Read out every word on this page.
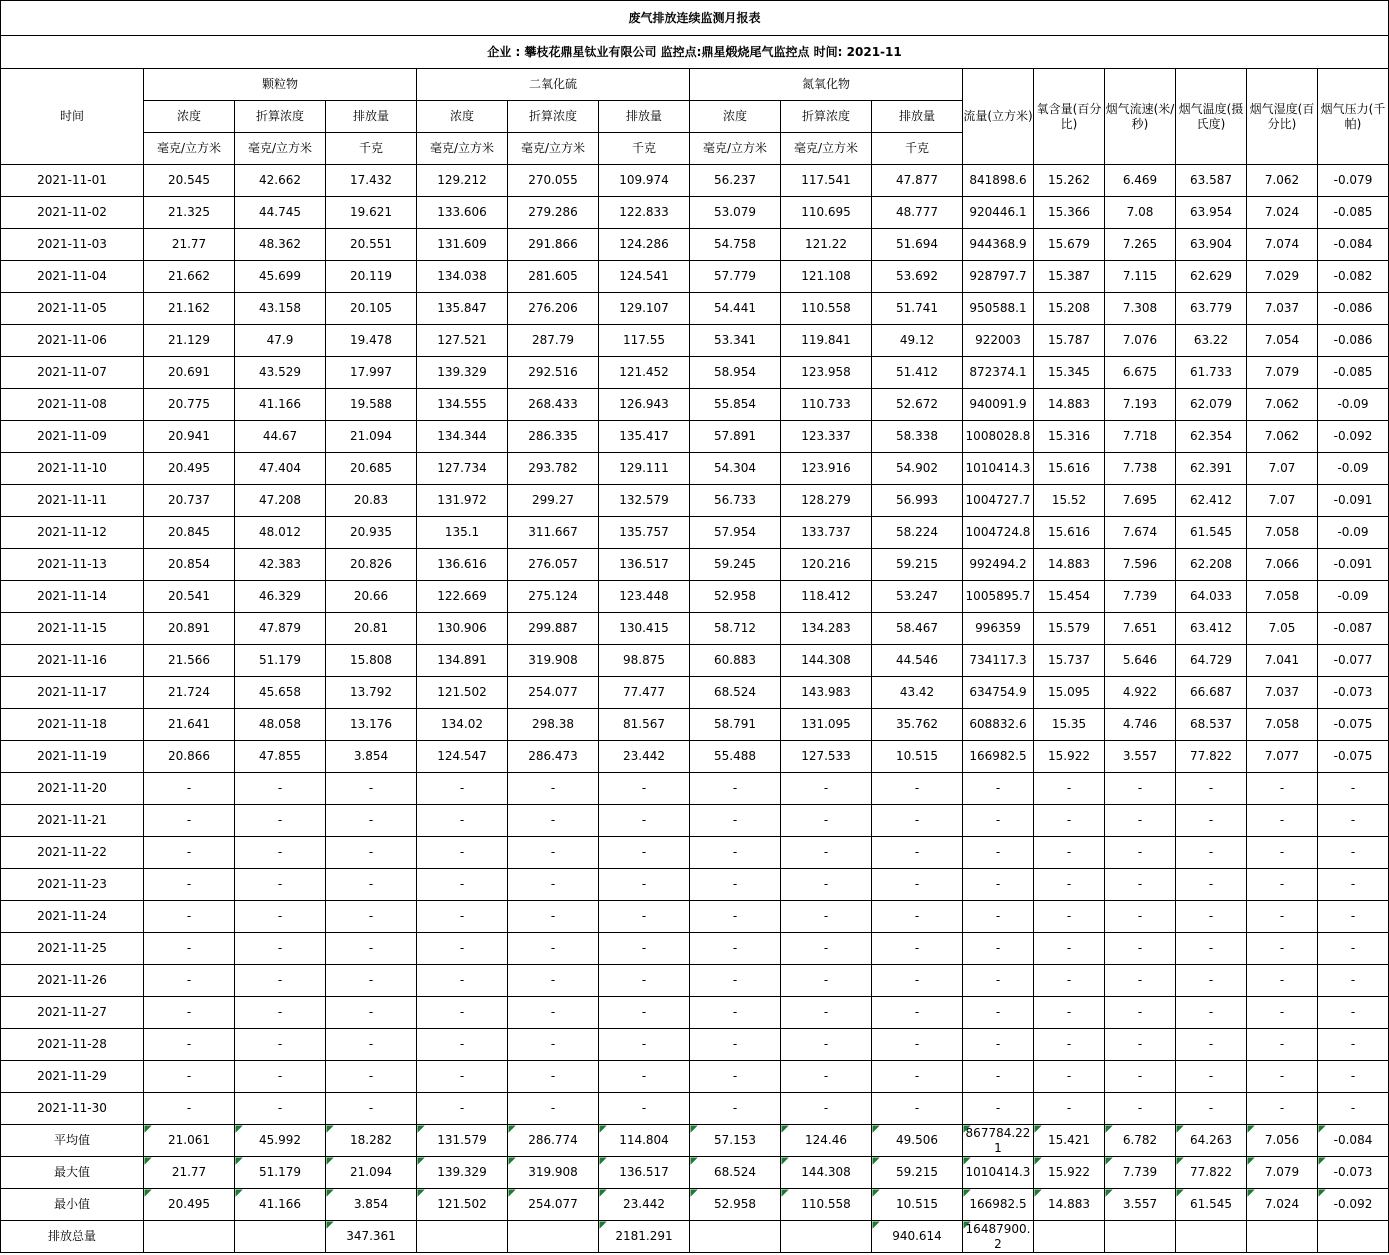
废气排放连续监测月报表															
企业 : 攀枝花鼎星钛业有限公司 监控点:鼎星煅烧尾气监控点 时间: 2021-11															
时间	颗粒物			二氧化硫			氮氧化物			流量(立方米)	氧含量(百分比)	烟气流速(米/秒)	烟气温度(摄氏度)	烟气湿度(百分比)	烟气压力(千帕)
	浓度	折算浓度	排放量	浓度	折算浓度	排放量	浓度	折算浓度	排放量						
	毫克/立方米	毫克/立方米	千克	毫克/立方米	毫克/立方米	千克	毫克/立方米	毫克/立方米	千克						
2021-11-01	20.545	42.662	17.432	129.212	270.055	109.974	56.237	117.541	47.877	841898.6	15.262	6.469	63.587	7.062	-0.079
2021-11-02	21.325	44.745	19.621	133.606	279.286	122.833	53.079	110.695	48.777	920446.1	15.366	7.08	63.954	7.024	-0.085
2021-11-03	21.77	48.362	20.551	131.609	291.866	124.286	54.758	121.22	51.694	944368.9	15.679	7.265	63.904	7.074	-0.084
2021-11-04	21.662	45.699	20.119	134.038	281.605	124.541	57.779	121.108	53.692	928797.7	15.387	7.115	62.629	7.029	-0.082
2021-11-05	21.162	43.158	20.105	135.847	276.206	129.107	54.441	110.558	51.741	950588.1	15.208	7.308	63.779	7.037	-0.086
2021-11-06	21.129	47.9	19.478	127.521	287.79	117.55	53.341	119.841	49.12	922003	15.787	7.076	63.22	7.054	-0.086
2021-11-07	20.691	43.529	17.997	139.329	292.516	121.452	58.954	123.958	51.412	872374.1	15.345	6.675	61.733	7.079	-0.085
2021-11-08	20.775	41.166	19.588	134.555	268.433	126.943	55.854	110.733	52.672	940091.9	14.883	7.193	62.079	7.062	-0.09
2021-11-09	20.941	44.67	21.094	134.344	286.335	135.417	57.891	123.337	58.338	1008028.8	15.316	7.718	62.354	7.062	-0.092
2021-11-10	20.495	47.404	20.685	127.734	293.782	129.111	54.304	123.916	54.902	1010414.3	15.616	7.738	62.391	7.07	-0.09
2021-11-11	20.737	47.208	20.83	131.972	299.27	132.579	56.733	128.279	56.993	1004727.7	15.52	7.695	62.412	7.07	-0.091
2021-11-12	20.845	48.012	20.935	135.1	311.667	135.757	57.954	133.737	58.224	1004724.8	15.616	7.674	61.545	7.058	-0.09
2021-11-13	20.854	42.383	20.826	136.616	276.057	136.517	59.245	120.216	59.215	992494.2	14.883	7.596	62.208	7.066	-0.091
2021-11-14	20.541	46.329	20.66	122.669	275.124	123.448	52.958	118.412	53.247	1005895.7	15.454	7.739	64.033	7.058	-0.09
2021-11-15	20.891	47.879	20.81	130.906	299.887	130.415	58.712	134.283	58.467	996359	15.579	7.651	63.412	7.05	-0.087
2021-11-16	21.566	51.179	15.808	134.891	319.908	98.875	60.883	144.308	44.546	734117.3	15.737	5.646	64.729	7.041	-0.077
2021-11-17	21.724	45.658	13.792	121.502	254.077	77.477	68.524	143.983	43.42	634754.9	15.095	4.922	66.687	7.037	-0.073
2021-11-18	21.641	48.058	13.176	134.02	298.38	81.567	58.791	131.095	35.762	608832.6	15.35	4.746	68.537	7.058	-0.075
2021-11-19	20.866	47.855	3.854	124.547	286.473	23.442	55.488	127.533	10.515	166982.5	15.922	3.557	77.822	7.077	-0.075
2021-11-20	-	-	-	-	-	-	-	-	-	-	-	-	-	-	-
2021-11-21	-	-	-	-	-	-	-	-	-	-	-	-	-	-	-
2021-11-22	-	-	-	-	-	-	-	-	-	-	-	-	-	-	-
2021-11-23	-	-	-	-	-	-	-	-	-	-	-	-	-	-	-
2021-11-24	-	-	-	-	-	-	-	-	-	-	-	-	-	-	-
2021-11-25	-	-	-	-	-	-	-	-	-	-	-	-	-	-	-
2021-11-26	-	-	-	-	-	-	-	-	-	-	-	-	-	-	-
2021-11-27	-	-	-	-	-	-	-	-	-	-	-	-	-	-	-
2021-11-28	-	-	-	-	-	-	-	-	-	-	-	-	-	-	-
2021-11-29	-	-	-	-	-	-	-	-	-	-	-	-	-	-	-
2021-11-30	-	-	-	-	-	-	-	-	-	-	-	-	-	-	-
平均值	21.061	45.992	18.282	131.579	286.774	114.804	57.153	124.46	49.506	867784.221	15.421	6.782	64.263	7.056	-0.084
最大值	21.77	51.179	21.094	139.329	319.908	136.517	68.524	144.308	59.215	1010414.3	15.922	7.739	77.822	7.079	-0.073
最小值	20.495	41.166	3.854	121.502	254.077	23.442	52.958	110.558	10.515	166982.5	14.883	3.557	61.545	7.024	-0.092
排放总量			347.361			2181.291			940.614	16487900.2					
